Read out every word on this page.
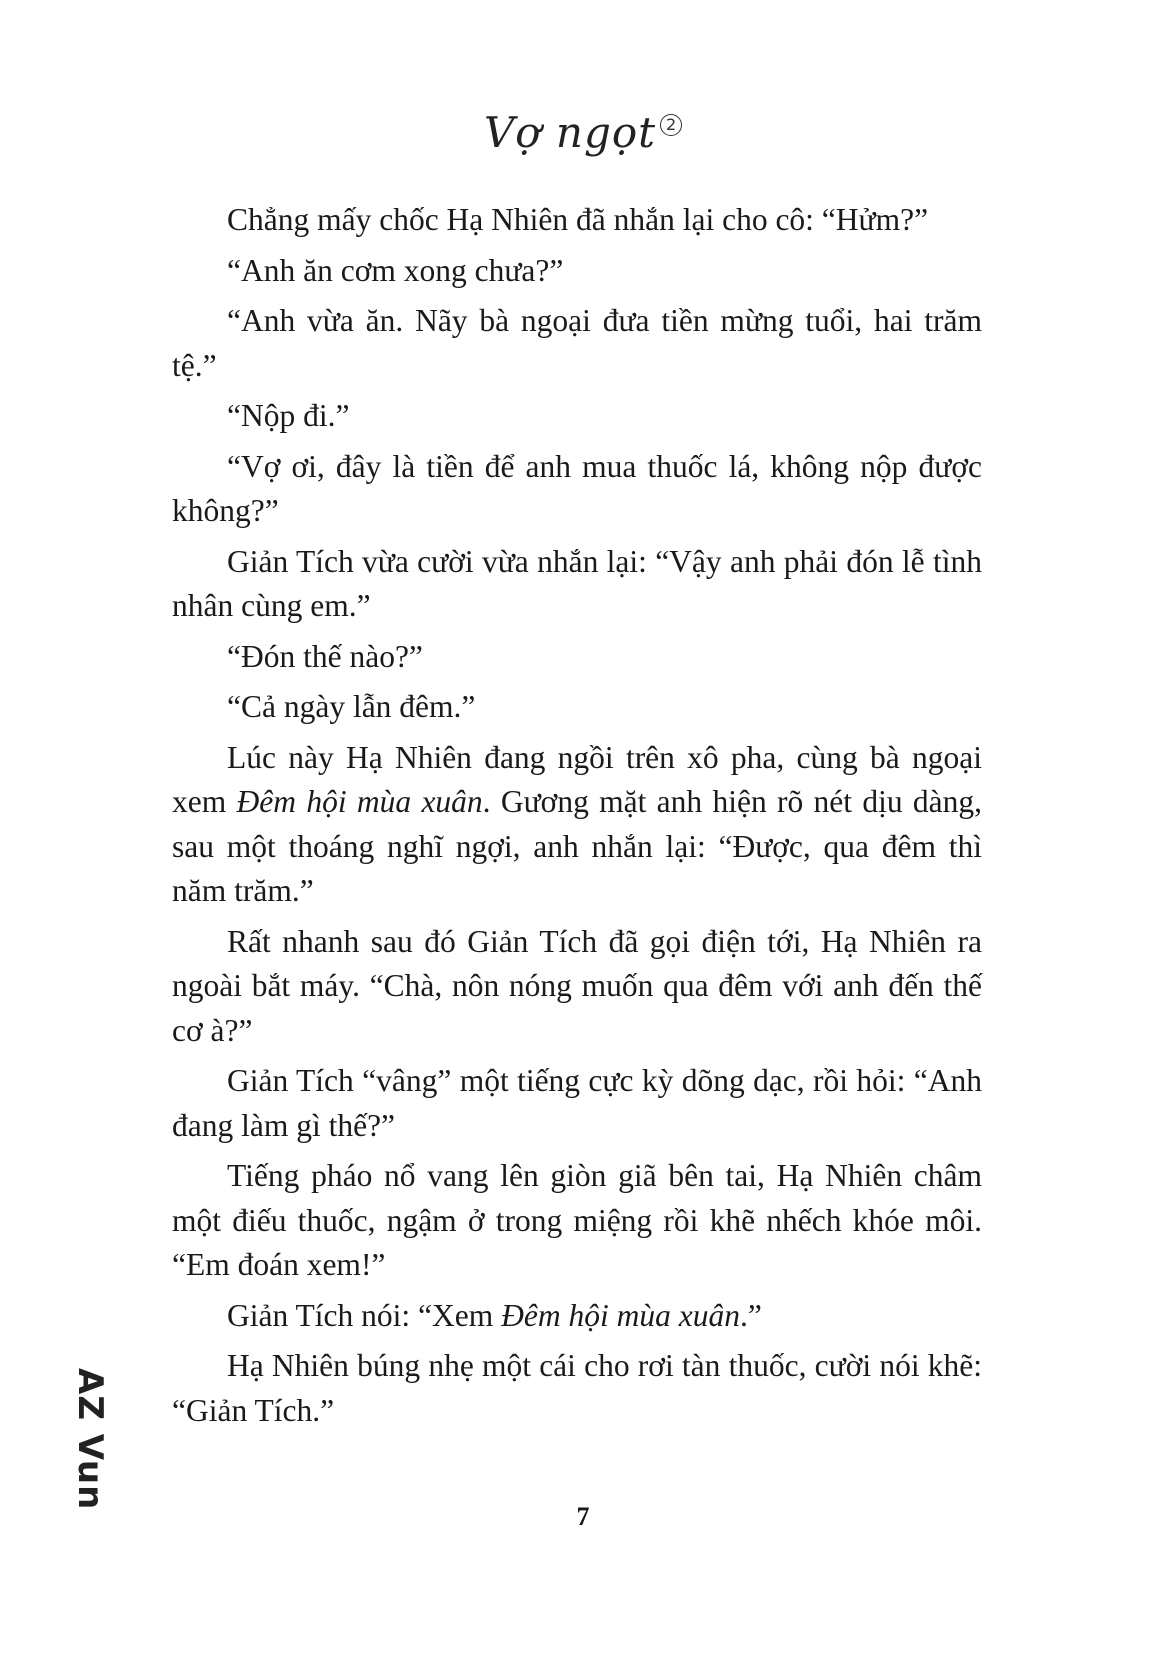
Vợ ngọt 2

Chẳng mấy chốc Hạ Nhiên đã nhắn lại cho cô: “Hửm?”

“Anh ăn cơm xong chưa?”

“Anh vừa ăn. Nãy bà ngoại đưa tiền mừng tuổi, hai trăm tệ.”

“Nộp đi.”

“Vợ ơi, đây là tiền để anh mua thuốc lá, không nộp được không?”

Giản Tích vừa cười vừa nhắn lại: “Vậy anh phải đón lễ tình nhân cùng em.”

“Đón thế nào?”

“Cả ngày lẫn đêm.”

Lúc này Hạ Nhiên đang ngồi trên xô pha, cùng bà ngoại xem Đêm hội mùa xuân. Gương mặt anh hiện rõ nét dịu dàng, sau một thoáng nghĩ ngợi, anh nhắn lại: “Được, qua đêm thì năm trăm.”

Rất nhanh sau đó Giản Tích đã gọi điện tới, Hạ Nhiên ra ngoài bắt máy. “Chà, nôn nóng muốn qua đêm với anh đến thế cơ à?”

Giản Tích “vâng” một tiếng cực kỳ dõng dạc, rồi hỏi: “Anh đang làm gì thế?”

Tiếng pháo nổ vang lên giòn giã bên tai, Hạ Nhiên châm một điếu thuốc, ngậm ở trong miệng rồi khẽ nhếch khóe môi. “Em đoán xem!”

Giản Tích nói: “Xem Đêm hội mùa xuân.”

Hạ Nhiên búng nhẹ một cái cho rơi tàn thuốc, cười nói khẽ: “Giản Tích.”

AZ Vun
7
